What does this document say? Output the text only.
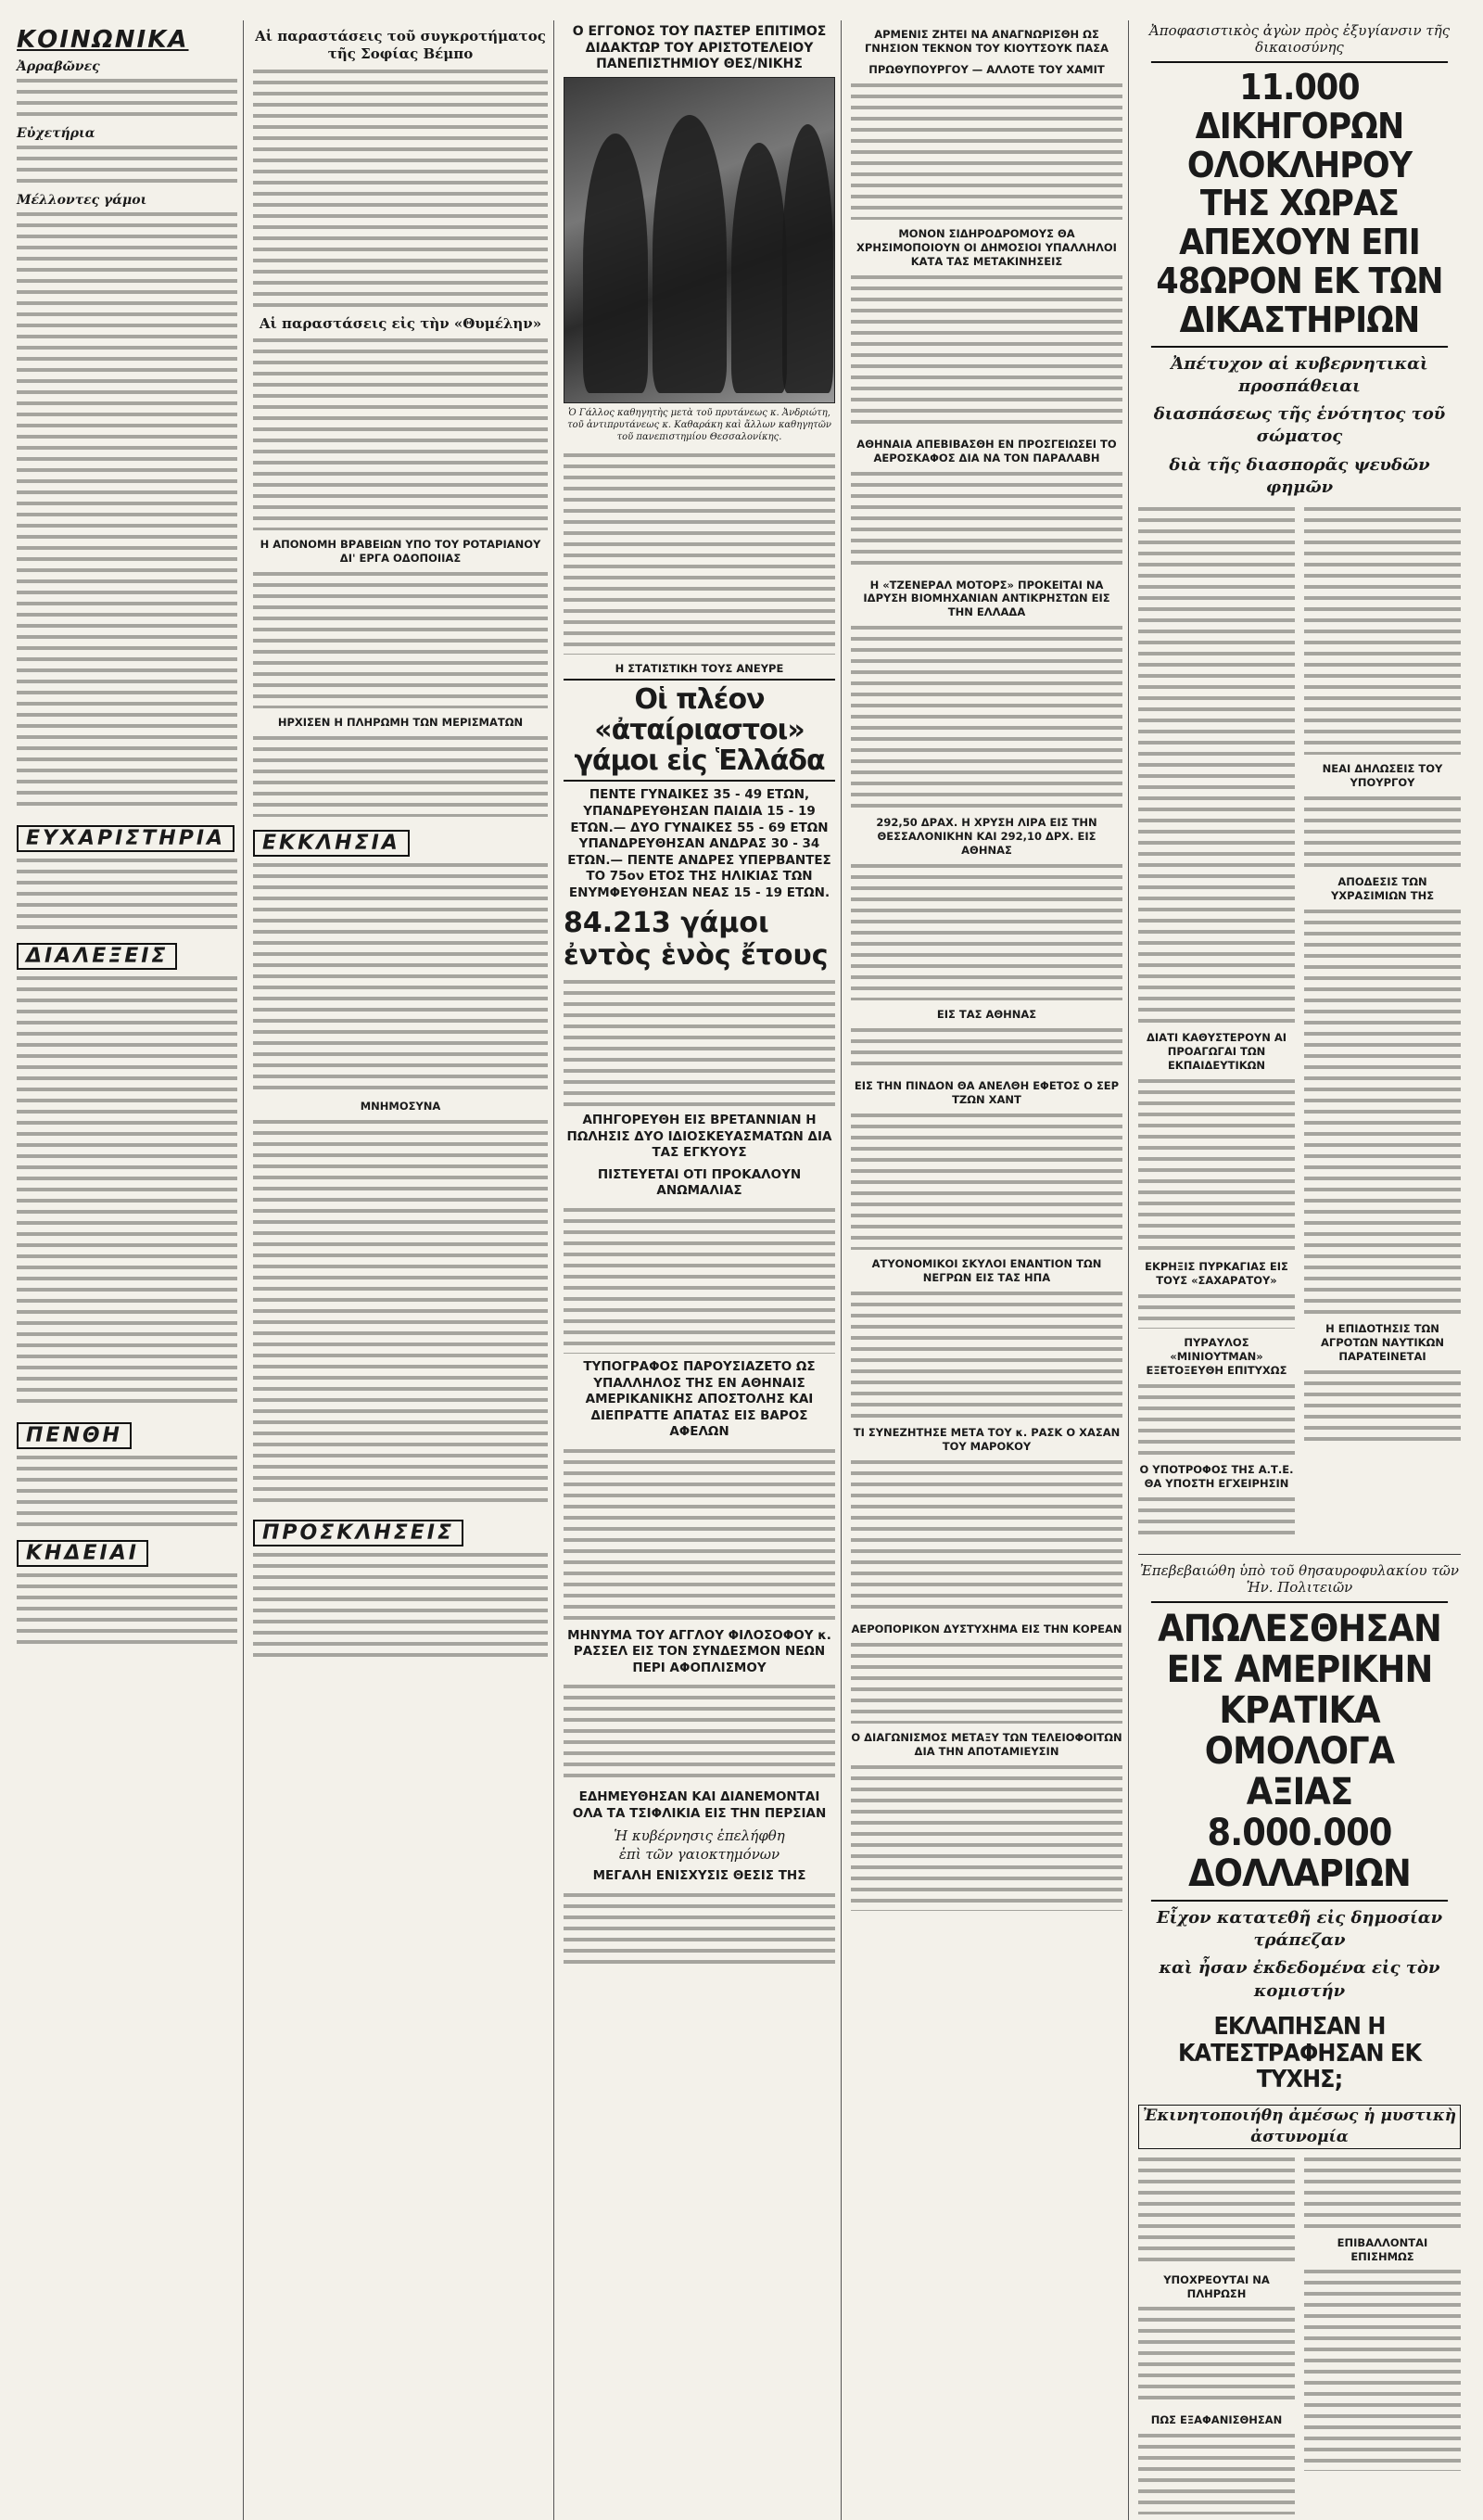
ΚΟΙΝΩΝΙΚΑ
Ἀρραβῶνες
Εὐχετήρια
Μέλλοντες γάμοι
ΕΥΧΑΡΙΣΤΗΡΙΑ
ΔΙΑΛΕΞΕΙΣ
ΠΕΝΘΗ
ΚΗΔΕΙΑΙ
Αἱ παραστάσεις τοῦ συγκροτήματος τῆς Σοφίας Βέμπο
Αἱ παραστάσεις εἰς τὴν «Θυμέλην»
Η ΑΠΟΝΟΜΗ ΒΡΑΒΕΙΩΝ ΥΠΟ ΤΟΥ ΡΟΤΑΡΙΑΝΟΥ ΔΙ' ΕΡΓΑ ΟΔΟΠΟΙΙΑΣ
ΗΡΧΙΣΕΝ Η ΠΛΗΡΩΜΗ ΤΩΝ ΜΕΡΙΣΜΑΤΩΝ
ΕΚΚΛΗΣΙΑ
ΜΝΗΜΟΣΥΝΑ
ΠΡΟΣΚΛΗΣΕΙΣ
Ο ΕΓΓΟΝΟΣ ΤΟΥ ΠΑΣΤΕΡ ΕΠΙΤΙΜΟΣ ΔΙΔΑΚΤΩΡ ΤΟΥ ΑΡΙΣΤΟΤΕΛΕΙΟΥ ΠΑΝΕΠΙΣΤΗΜΙΟΥ ΘΕΣ/ΝΙΚΗΣ
Ὁ Γάλλος καθηγητὴς μετὰ τοῦ πρυτάνεως κ. Ἀνδριώτη, τοῦ ἀντιπρυτάνεως κ. Καθαράκη καὶ ἄλλων καθηγητῶν τοῦ πανεπιστημίου Θεσσαλονίκης.
Η ΣΤΑΤΙΣΤΙΚΗ ΤΟΥΣ ΑΝΕΥΡΕ
Οἱ πλέον «ἀταίριαστοι» γάμοι εἰς Ἑλλάδα
ΠΕΝΤΕ ΓΥΝΑΙΚΕΣ 35 - 49 ΕΤΩΝ, ΥΠΑΝΔΡΕΥΘΗΣΑΝ ΠΑΙΔΙΑ 15 - 19 ΕΤΩΝ.— ΔΥΟ ΓΥΝΑΙΚΕΣ 55 - 69 ΕΤΩΝ ΥΠΑΝΔΡΕΥΘΗΣΑΝ ΑΝΔΡΑΣ 30 - 34 ΕΤΩΝ.— ΠΕΝΤΕ ΑΝΔΡΕΣ ΥΠΕΡΒΑΝΤΕΣ ΤΟ 75ον ΕΤΟΣ ΤΗΣ ΗΛΙΚΙΑΣ ΤΩΝ ΕΝΥΜΦΕΥΘΗΣΑΝ ΝΕΑΣ 15 - 19 ΕΤΩΝ.
84.213 γάμοι ἐντὸς ἑνὸς ἔτους
ΑΠΗΓΟΡΕΥΘΗ ΕΙΣ ΒΡΕΤΑΝΝΙΑΝ Η ΠΩΛΗΣΙΣ ΔΥΟ ΙΔΙΟΣΚΕΥΑΣΜΑΤΩΝ ΔΙΑ ΤΑΣ ΕΓΚΥΟΥΣ
ΠΙΣΤΕΥΕΤΑΙ ΟΤΙ ΠΡΟΚΑΛΟΥΝ ΑΝΩΜΑΛΙΑΣ
ΤΥΠΟΓΡΑΦΟΣ ΠΑΡΟΥΣΙΑΖΕΤΟ ΩΣ ΥΠΑΛΛΗΛΟΣ ΤΗΣ ΕΝ ΑΘΗΝΑΙΣ ΑΜΕΡΙΚΑΝΙΚΗΣ ΑΠΟΣΤΟΛΗΣ ΚΑΙ ΔΙΕΠΡΑΤΤΕ ΑΠΑΤΑΣ ΕΙΣ ΒΑΡΟΣ ΑΦΕΛΩΝ
ΜΗΝΥΜΑ ΤΟΥ ΑΓΓΛΟΥ ΦΙΛΟΣΟΦΟΥ κ. ΡΑΣΣΕΛ ΕΙΣ ΤΟΝ ΣΥΝΔΕΣΜΟΝ ΝΕΩΝ ΠΕΡΙ ΑΦΟΠΛΙΣΜΟΥ
ΕΔΗΜΕΥΘΗΣΑΝ ΚΑΙ ΔΙΑΝΕΜΟΝΤΑΙ ΟΛΑ ΤΑ ΤΣΙΦΛΙΚΙΑ ΕΙΣ ΤΗΝ ΠΕΡΣΙΑΝ
Ἡ κυβέρνησις ἐπελήφθη
ἐπὶ τῶν γαιοκτημόνων
ΜΕΓΑΛΗ ΕΝΙΣΧΥΣΙΣ ΘΕΣΙΣ ΤΗΣ
ΑΡΜΕΝΙΣ ΖΗΤΕΙ ΝΑ ΑΝΑΓΝΩΡΙΣΘΗ ΩΣ ΓΝΗΣΙΟΝ ΤΕΚΝΟΝ ΤΟΥ ΚΙΟΥΤΣΟΥΚ ΠΑΣΑ
ΠΡΩΘΥΠΟΥΡΓΟΥ — ΑΛΛΟΤΕ ΤΟΥ ΧΑΜΙΤ
ΜΟΝΟΝ ΣΙΔΗΡΟΔΡΟΜΟΥΣ ΘΑ ΧΡΗΣΙΜΟΠΟΙΟΥΝ ΟΙ ΔΗΜΟΣΙΟΙ ΥΠΑΛΛΗΛΟΙ ΚΑΤΑ ΤΑΣ ΜΕΤΑΚΙΝΗΣΕΙΣ
ΑΘΗΝΑΙΑ ΑΠΕΒΙΒΑΣΘΗ ΕΝ ΠΡΟΣΓΕΙΩΣΕΙ ΤΟ ΑΕΡΟΣΚΑΦΟΣ ΔΙΑ ΝΑ ΤΟΝ ΠΑΡΑΛΑΒΗ
Η «ΤΖΕΝΕΡΑΛ ΜΟΤΟΡΣ» ΠΡΟΚΕΙΤΑΙ ΝΑ ΙΔΡΥΣΗ ΒΙΟΜΗΧΑΝΙΑΝ ΑΝΤΙΚΡΗΣΤΩΝ ΕΙΣ ΤΗΝ ΕΛΛΑΔΑ
292,50 ΔΡΑΧ. Η ΧΡΥΣΗ ΛΙΡΑ ΕΙΣ ΤΗΝ ΘΕΣΣΑΛΟΝΙΚΗΝ ΚΑΙ 292,10 ΔΡΧ. ΕΙΣ ΑΘΗΝΑΣ
ΕΙΣ ΤΑΣ ΑΘΗΝΑΣ
ΕΙΣ ΤΗΝ ΠΙΝΔΟΝ ΘΑ ΑΝΕΛΘΗ ΕΦΕΤΟΣ Ο ΣΕΡ ΤΖΩΝ ΧΑΝΤ
ΑΤΥΟΝΟΜΙΚΟΙ ΣΚΥΛΟΙ ΕΝΑΝΤΙΟΝ ΤΩΝ ΝΕΓΡΩΝ ΕΙΣ ΤΑΣ ΗΠΑ
ΤΙ ΣΥΝΕΖΗΤΗΣΕ ΜΕΤΑ ΤΟΥ κ. ΡΑΣΚ Ο ΧΑΣΑΝ ΤΟΥ ΜΑΡΟΚΟΥ
ΑΕΡΟΠΟΡΙΚΟΝ ΔΥΣΤΥΧΗΜΑ ΕΙΣ ΤΗΝ ΚΟΡΕΑΝ
Ο ΔΙΑΓΩΝΙΣΜΟΣ ΜΕΤΑΞΥ ΤΩΝ ΤΕΛΕΙΟΦΟΙΤΩΝ ΔΙΑ ΤΗΝ ΑΠΟΤΑΜΙΕΥΣΙΝ
Ἀποφασιστικὸς ἀγὼν πρὸς ἐξυγίανσιν τῆς δικαιοσύνης
11.000 ΔΙΚΗΓΟΡΩΝ ΟΛΟΚΛΗΡΟΥ ΤΗΣ ΧΩΡΑΣ ΑΠΕΧΟΥΝ ΕΠΙ 48ΩΡΟΝ ΕΚ ΤΩΝ ΔΙΚΑΣΤΗΡΙΩΝ
Ἀπέτυχον αἱ κυβερνητικαὶ προσπάθειαι
διασπάσεως τῆς ἑνότητος τοῦ σώματος
διὰ τῆς διασπορᾶς ψευδῶν φημῶν
ΔΙΑΤΙ ΚΑΘΥΣΤΕΡΟΥΝ ΑΙ ΠΡΟΑΓΩΓΑΙ ΤΩΝ ΕΚΠΑΙΔΕΥΤΙΚΩΝ
ΕΚΡΗΞΙΣ ΠΥΡΚΑΓΙΑΣ ΕΙΣ ΤΟΥΣ «ΣΑΧΑΡΑΤΟΥ»
ΠΥΡΑΥΛΟΣ «ΜΙΝΙΟΥΤΜΑΝ» ΕΞΕΤΟΞΕΥΘΗ ΕΠΙΤΥΧΩΣ
Ο ΥΠΟΤΡΟΦΟΣ ΤΗΣ Α.Τ.Ε. ΘΑ ΥΠΟΣΤΗ ΕΓΧΕΙΡΗΣΙΝ
ΝΕΑΙ ΔΗΛΩΣΕΙΣ ΤΟΥ ΥΠΟΥΡΓΟΥ
ΑΠΟΔΕΣΙΣ ΤΩΝ ΥΧΡΑΣΙΜΙΩΝ ΤΗΣ
Η ΕΠΙΔΟΤΗΣΙΣ ΤΩΝ ΑΓΡΟΤΩΝ ΝΑΥΤΙΚΩΝ ΠΑΡΑΤΕΙΝΕΤΑΙ
Ἐπεβεβαιώθη ὑπὸ τοῦ θησαυροφυλακίου τῶν Ἡν. Πολιτειῶν
ΑΠΩΛΕΣΘΗΣΑΝ ΕΙΣ ΑΜΕΡΙΚΗΝ ΚΡΑΤΙΚΑ ΟΜΟΛΟΓΑ ΑΞΙΑΣ 8.000.000 ΔΟΛΛΑΡΙΩΝ
Εἶχον κατατεθῆ εἰς δημοσίαν τράπεζαν
καὶ ἦσαν ἐκδεδομένα εἰς τὸν κομιστήν
ΕΚΛΑΠΗΣΑΝ Η ΚΑΤΕΣΤΡΑΦΗΣΑΝ ΕΚ ΤΥΧΗΣ;
Ἐκινητοποιήθη ἀμέσως ἡ μυστικὴ ἀστυνομία
ΥΠΟΧΡΕΟΥΤΑΙ ΝΑ ΠΛΗΡΩΣΗ
ΠΩΣ ΕΞΑΦΑΝΙΣΘΗΣΑΝ
ΕΠΙΒΑΛΛΟΝΤΑΙ ΕΠΙΣΗΜΩΣ
